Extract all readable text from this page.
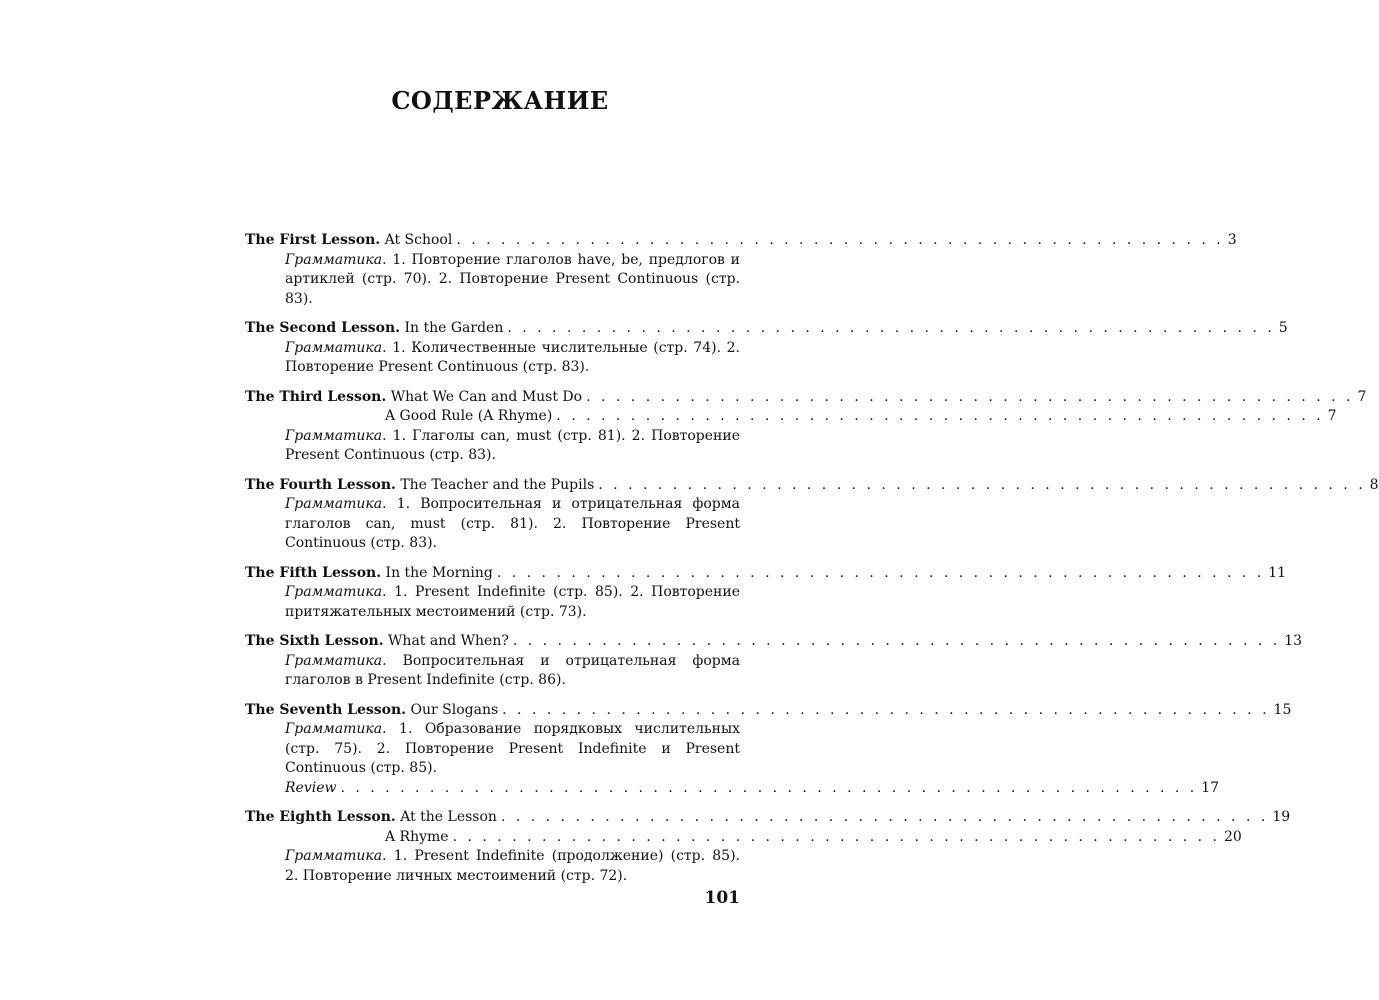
СОДЕРЖАНИЕ
The First Lesson.
At School . . . . . . . . . . . . . . . . . . . . . . . . . . . . . . . . . . . . . . . . . . . . . . . . . . . . 3
Грамматика. 1. Повторение глаголов have, be, предлогов и артиклей (стр. 70). 2. Повторение Present Continuous (стр. 83).
The Second Lesson.
In the Garden . . . . . . . . . . . . . . . . . . . . . . . . . . . . . . . . . . . . . . . . . . . . . . . . . . . . 5
Грамматика. 1. Количественные числительные (стр. 74). 2. Повторение Present Continuous (стр. 83).
The Third Lesson.
What We Can and Must Do . . . . . . . . . . . . . . . . . . . . . . . . . . . . . . . . . . . . . . . . . . . . . . . . . . . . 7
A Good Rule (A Rhyme) . . . . . . . . . . . . . . . . . . . . . . . . . . . . . . . . . . . . . . . . . . . . . . . . . . . . 7
Грамматика. 1. Глаголы can, must (стр. 81). 2. Повторение Present Continuous (стр. 83).
The Fourth Lesson.
The Teacher and the Pupils . . . . . . . . . . . . . . . . . . . . . . . . . . . . . . . . . . . . . . . . . . . . . . . . . . . . 8
Грамматика. 1. Вопросительная и отрицательная форма глаголов can, must (стр. 81). 2. Повторение Present Continuous (стр. 83).
The Fifth Lesson.
In the Morning . . . . . . . . . . . . . . . . . . . . . . . . . . . . . . . . . . . . . . . . . . . . . . . . . . . . 11
Грамматика. 1. Present Indefinite (стр. 85). 2. Повторение притяжательных местоимений (стр. 73).
The Sixth Lesson.
What and When? . . . . . . . . . . . . . . . . . . . . . . . . . . . . . . . . . . . . . . . . . . . . . . . . . . . . 13
Грамматика. Вопросительная и отрицательная форма глаголов в Present Indefinite (стр. 86).
The Seventh Lesson.
Our Slogans . . . . . . . . . . . . . . . . . . . . . . . . . . . . . . . . . . . . . . . . . . . . . . . . . . . . 15
Грамматика. 1. Образование порядковых числительных (стр. 75). 2. Повторение Present Indefinite и Present Continuous (стр. 85).
Review . . . . . . . . . . . . . . . . . . . . . . . . . . . . . . . . . . . . . . . . . . . . . . . . . . . . . . . . . . 17
The Eighth Lesson.
At the Lesson . . . . . . . . . . . . . . . . . . . . . . . . . . . . . . . . . . . . . . . . . . . . . . . . . . . . 19
A Rhyme . . . . . . . . . . . . . . . . . . . . . . . . . . . . . . . . . . . . . . . . . . . . . . . . . . . . 20
Грамматика. 1. Present Indefinite (продолжение) (стр. 85). 2. Повторение личных местоимений (стр. 72).
101
